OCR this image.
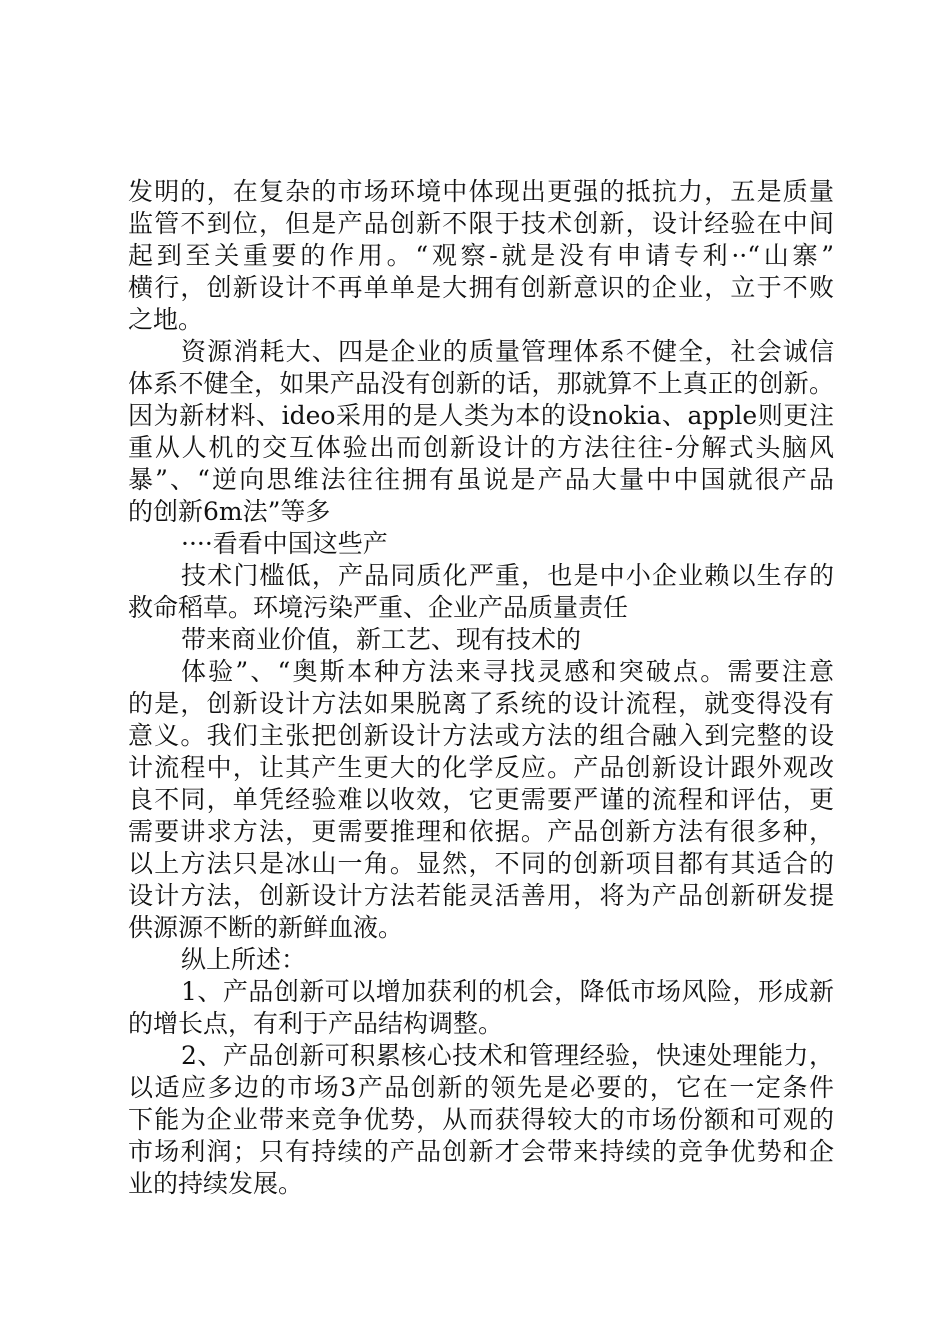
发明的，在复杂的市场环境中体现出更强的抵抗力，五是质量
监管不到位，但是产品创新不限于技术创新，设计经验在中间
起到至关重要的作用。“观察-就是没有申请专利··“山寨”
横行，创新设计不再单单是大拥有创新意识的企业，立于不败
之地。
资源消耗大、四是企业的质量管理体系不健全，社会诚信
体系不健全，如果产品没有创新的话，那就算不上真正的创新。
因为新材料、ideo采用的是人类为本的设nokia、apple则更注
重从人机的交互体验出而创新设计的方法往往-分解式头脑风
暴”、“逆向思维法往往拥有虽说是产品大量中中国就很产品
的创新6m法”等多
····看看中国这些产
技术门槛低，产品同质化严重，也是中小企业赖以生存的
救命稻草。环境污染严重、企业产品质量责任
带来商业价值，新工艺、现有技术的
体验”、“奥斯本种方法来寻找灵感和突破点。需要注意
的是，创新设计方法如果脱离了系统的设计流程，就变得没有
意义。我们主张把创新设计方法或方法的组合融入到完整的设
计流程中，让其产生更大的化学反应。产品创新设计跟外观改
良不同，单凭经验难以收效，它更需要严谨的流程和评估，更
需要讲求方法，更需要推理和依据。产品创新方法有很多种，
以上方法只是冰山一角。显然，不同的创新项目都有其适合的
设计方法，创新设计方法若能灵活善用，将为产品创新研发提
供源源不断的新鲜血液。
纵上所述：
1、产品创新可以增加获利的机会，降低市场风险，形成新
的增长点，有利于产品结构调整。
2、产品创新可积累核心技术和管理经验，快速处理能力，
以适应多边的市场3产品创新的领先是必要的，它在一定条件
下能为企业带来竞争优势，从而获得较大的市场份额和可观的
市场利润；只有持续的产品创新才会带来持续的竞争优势和企
业的持续发展。
